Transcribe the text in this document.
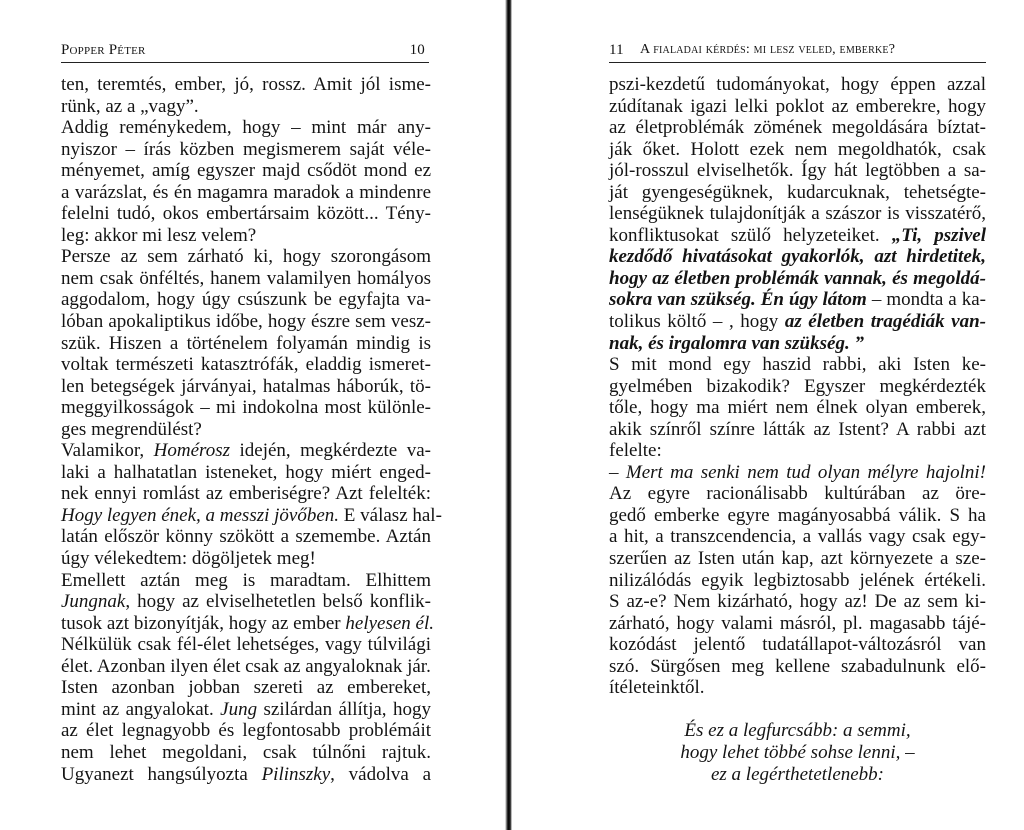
Popper Péter	10
ten, teremtés, ember, jó, rossz. Amit jól isme-
rünk, az a „vagy”.
Addig reménykedem, hogy – mint már any-
nyiszor – írás közben megismerem saját véle-
ményemet, amíg egyszer majd csődöt mond ez
a varázslat, és én magamra maradok a mindenre
felelni tudó, okos embertársaim között... Tény-
leg: akkor mi lesz velem?
Persze az sem zárható ki, hogy szorongásom
nem csak önféltés, hanem valamilyen homályos
aggodalom, hogy úgy csúszunk be egyfajta va-
lóban apokaliptikus időbe, hogy észre sem vesz-
szük. Hiszen a történelem folyamán mindig is
voltak természeti katasztrófák, eladdig ismeret-
len betegségek járványai, hatalmas háborúk, tö-
meggyilkosságok – mi indokolna most különle-
ges megrendülést?
Valamikor, Homérosz idején, megkérdezte va-
laki a halhatatlan isteneket, hogy miért enged-
nek ennyi romlást az emberiségre? Azt felelték:
Hogy legyen ének, a messzi jövőben. E válasz hal-
latán először könny szökött a szemembe. Aztán
úgy vélekedtem: dögöljetek meg!
Emellett aztán meg is maradtam. Elhittem
Jungnak, hogy az elviselhetetlen belső konflik-
tusok azt bizonyítják, hogy az ember helyesen él.
Nélkülük csak fél-élet lehetséges, vagy túlvilági
élet. Azonban ilyen élet csak az angyaloknak jár.
Isten azonban jobban szereti az embereket,
mint az angyalokat. Jung szilárdan állítja, hogy
az élet legnagyobb és legfontosabb problémáit
nem lehet megoldani, csak túlnőni rajtuk.
Ugyanezt hangsúlyozta Pilinszky, vádolva a
11 A fialadai kérdés: mi lesz veled, emberke?
pszi-kezdetű tudományokat, hogy éppen azzal
zúdítanak igazi lelki poklot az emberekre, hogy
az életproblémák zömének megoldására bíztat-
ják őket. Holott ezek nem megoldhatók, csak
jól-rosszul elviselhetők. Így hát legtöbben a sa-
ját gyengeségüknek, kudarcuknak, tehetségte-
lenségüknek tulajdonítják a szászor is visszatérő,
konfliktusokat szülő helyzeteiket. „Ti, pszivel
kezdődő hivatásokat gyakorlók, azt hirdetitek,
hogy az életben problémák vannak, és megoldá-
sokra van szükség. Én úgy látom – mondta a ka-
tolikus költő – , hogy az életben tragédiák van-
nak, és irgalomra van szükség. ”
S mit mond egy haszid rabbi, aki Isten ke-
gyelmében bizakodik? Egyszer megkérdezték
tőle, hogy ma miért nem élnek olyan emberek,
akik színről színre látták az Istent? A rabbi azt
felelte:
– Mert ma senki nem tud olyan mélyre hajolni!
Az egyre racionálisabb kultúrában az öre-
gedő emberke egyre magányosabbá válik. S ha
a hit, a transzcendencia, a vallás vagy csak egy-
szerűen az Isten után kap, azt környezete a sze-
nilizálódás egyik legbiztosabb jelének értékeli.
S az-e? Nem kizárható, hogy az! De az sem ki-
zárható, hogy valami másról, pl. magasabb tájé-
kozódást jelentő tudatállapot-változásról van
szó. Sürgősen meg kellene szabadulnunk elő-
ítéleteinktől.
És ez a legfurcsább: a semmi,
hogy lehet többé sohse lenni, –
ez a legérthetetlenebb:
